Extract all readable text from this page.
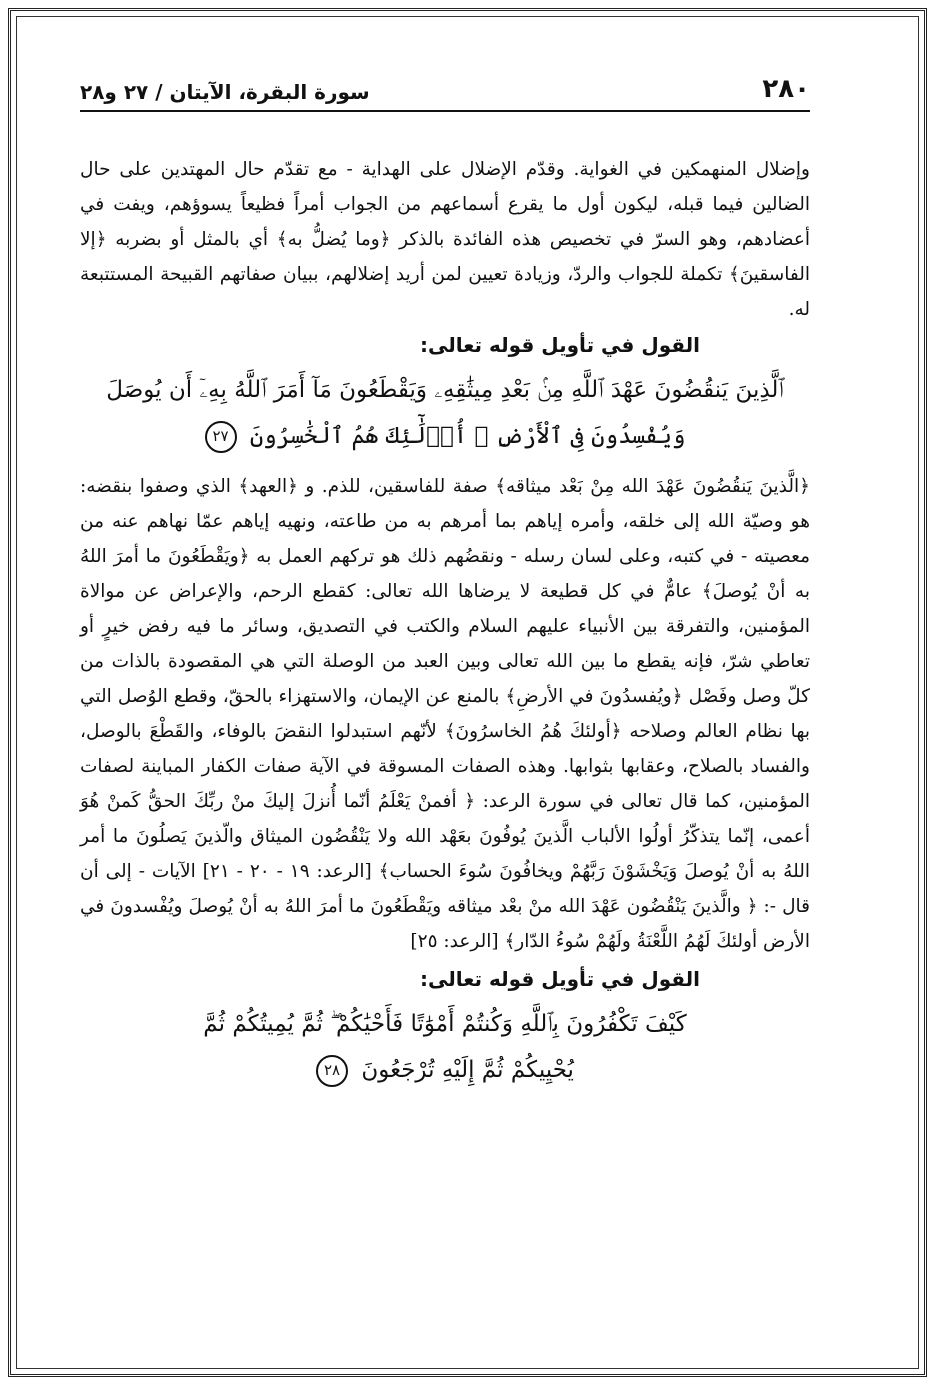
٢٨٠
سورة البقرة، الآيتان / ٢٧ و٢٨

وإضلال المنهمكين في الغواية. وقدّم الإضلال على الهداية - مع تقدّم حال المهتدين على حال الضالين فيما قبله، ليكون أول ما يقرع أسماعهم من الجواب أمراً فظيعاً يسوؤهم، ويفت في أعضادهم، وهو السرّ في تخصيص هذه الفائدة بالذكر ﴿وما يُضلُّ به﴾ أي بالمثل أو بضربه ﴿إلا الفاسقينَ﴾ تكملة للجواب والردّ، وزيادة تعيين لمن أريد إضلالهم، ببيان صفاتهم القبيحة المستتبعة له.

القول في تأويل قوله تعالى:
ٱلَّذِينَ يَنقُضُونَ عَهْدَ ٱللَّهِ مِنۢ بَعْدِ مِيثَٰقِهِۦ وَيَقْطَعُونَ مَآ أَمَرَ ٱللَّهُ بِهِۦٓ أَن يُوصَلَ
وَيُفْسِدُونَ فِى ٱلْأَرْضِ ۚ أُو۟لَٰٓئِكَ هُمُ ٱلْخَٰسِرُونَ ٢٧

﴿الَّذينَ يَنقُضُونَ عَهْدَ الله مِنْ بَعْد ميثاقه﴾ صفة للفاسقين، للذم. و ﴿العهد﴾ الذي وصفوا بنقضه: هو وصيّة الله إلى خلقه، وأمره إياهم بما أمرهم به من طاعته، ونهيه إياهم عمّا نهاهم عنه من معصيته - في كتبه، وعلى لسان رسله - ونقضُهم ذلك هو تركهم العمل به ﴿ويَقْطَعُونَ ما أمرَ اللهُ به أنْ يُوصلَ﴾ عامٌّ في كل قطيعة لا يرضاها الله تعالى: كقطع الرحم، والإعراض عن موالاة المؤمنين، والتفرقة بين الأنبياء عليهم السلام والكتب في التصديق، وسائر ما فيه رفض خيرٍ أو تعاطي شرّ، فإنه يقطع ما بين الله تعالى وبين العبد من الوصلة التي هي المقصودة بالذات من كلّ وصل وفَصْل ﴿ويُفسدُونَ في الأرضِ﴾ بالمنع عن الإيمان، والاستهزاء بالحقّ، وقطع الوُصل التي بها نظام العالم وصلاحه ﴿أولئكَ هُمُ الخاسرُونَ﴾ لأنّهم استبدلوا النقضَ بالوفاء، والقَطْعَ بالوصل، والفساد بالصلاح، وعقابها بثوابها. وهذه الصفات المسوقة في الآية صفات الكفار المباينة لصفات المؤمنين، كما قال تعالى في سورة الرعد: ﴿ أفمنْ يَعْلَمُ أنّما أُنزلَ إليكَ منْ ربِّكَ الحقُّ كَمنْ هُوَ أعمى، إنّما يتذكّرُ أولُوا الألباب الَّذينَ يُوفُونَ بعَهْد الله ولا يَنْقُضُون الميثاق والّذينَ يَصلُونَ ما أمر اللهُ به أنْ يُوصلَ وَيَخْشَوْنَ رَبَّهُمْ ويخافُونَ سُوءَ الحساب﴾ [الرعد: ١٩ - ٢٠ - ٢١] الآيات - إلى أن قال -: ﴿ والَّذينَ يَنْقُضُون عَهْدَ الله منْ بعْد ميثاقه ويَقْطَعُونَ ما أمرَ اللهُ به أنْ يُوصلَ ويُفْسدونَ في الأرض أولئكَ لَهُمُ اللَّعْنَةُ ولَهُمْ سُوءُ الدّار﴾ [الرعد: ٢٥]

القول في تأويل قوله تعالى:
كَيْفَ تَكْفُرُونَ بِٱللَّهِ وَكُنتُمْ أَمْوَٰتًا فَأَحْيَٰكُمْ ۖ ثُمَّ يُمِيتُكُمْ ثُمَّ
يُحْيِيكُمْ ثُمَّ إِلَيْهِ تُرْجَعُونَ ٢٨
